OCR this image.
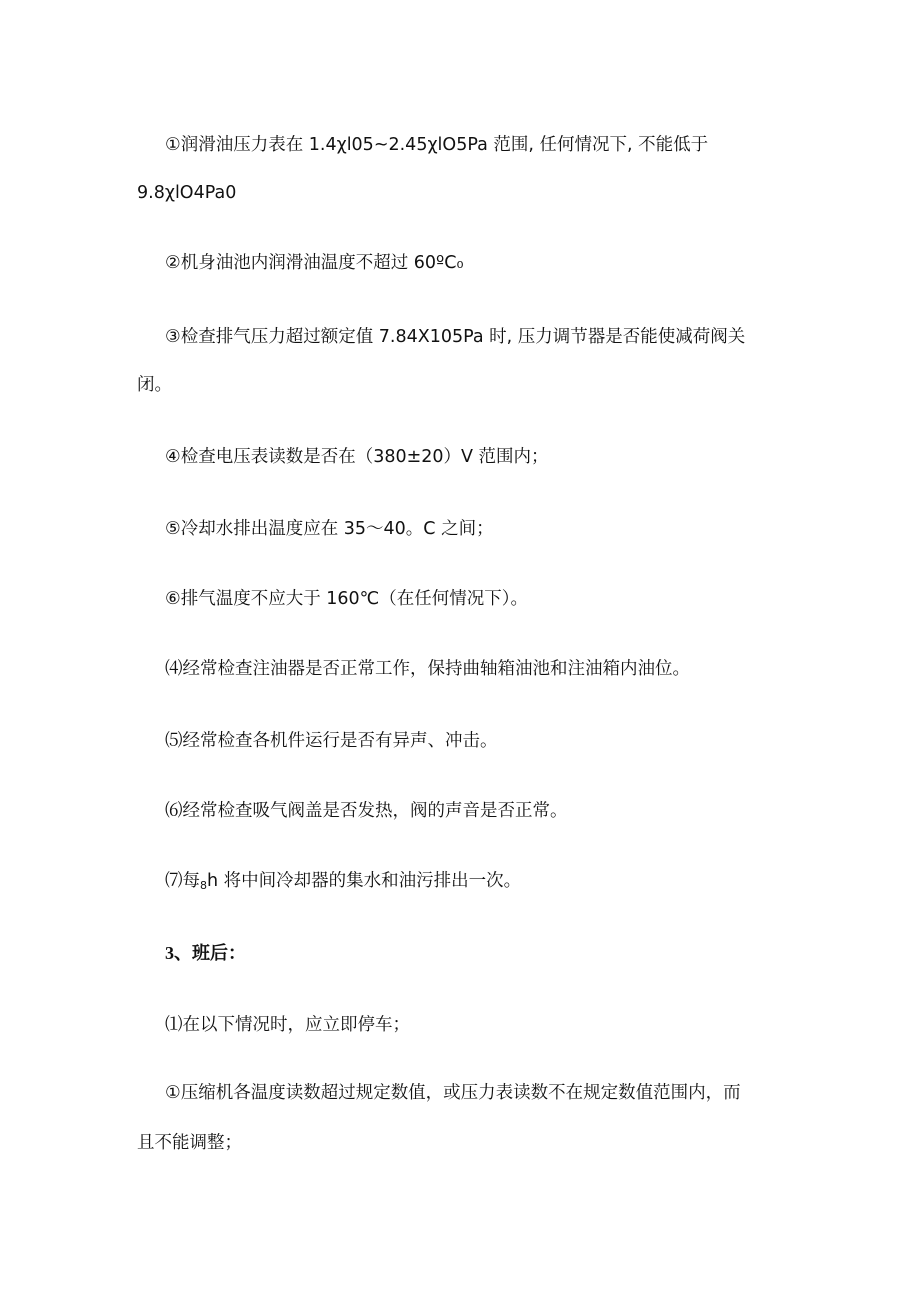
①润滑油压力表在 1.4χl05~2.45χlO5Pa 范围, 任何情况下, 不能低于
9.8χlO4Pa0
②机身油池内润滑油温度不超过 60ºC₀
③检查排气压力超过额定值 7.84X105Pa 时, 压力调节器是否能使减荷阀关
闭。
④检查电压表读数是否在（380±20）V 范围内；
⑤冷却水排出温度应在 35～40。C 之间；
⑥排气温度不应大于 160℃（在任何情况下）。
⑷经常检查注油器是否正常工作，保持曲轴箱油池和注油箱内油位。
⑸经常检查各机件运行是否有异声、冲击。
⑹经常检查吸气阀盖是否发热，阀的声音是否正常。
⑺每8h 将中间冷却器的集水和油污排出一次。
3、班后：
⑴在以下情况时，应立即停车；
①压缩机各温度读数超过规定数值，或压力表读数不在规定数值范围内，而
且不能调整；
